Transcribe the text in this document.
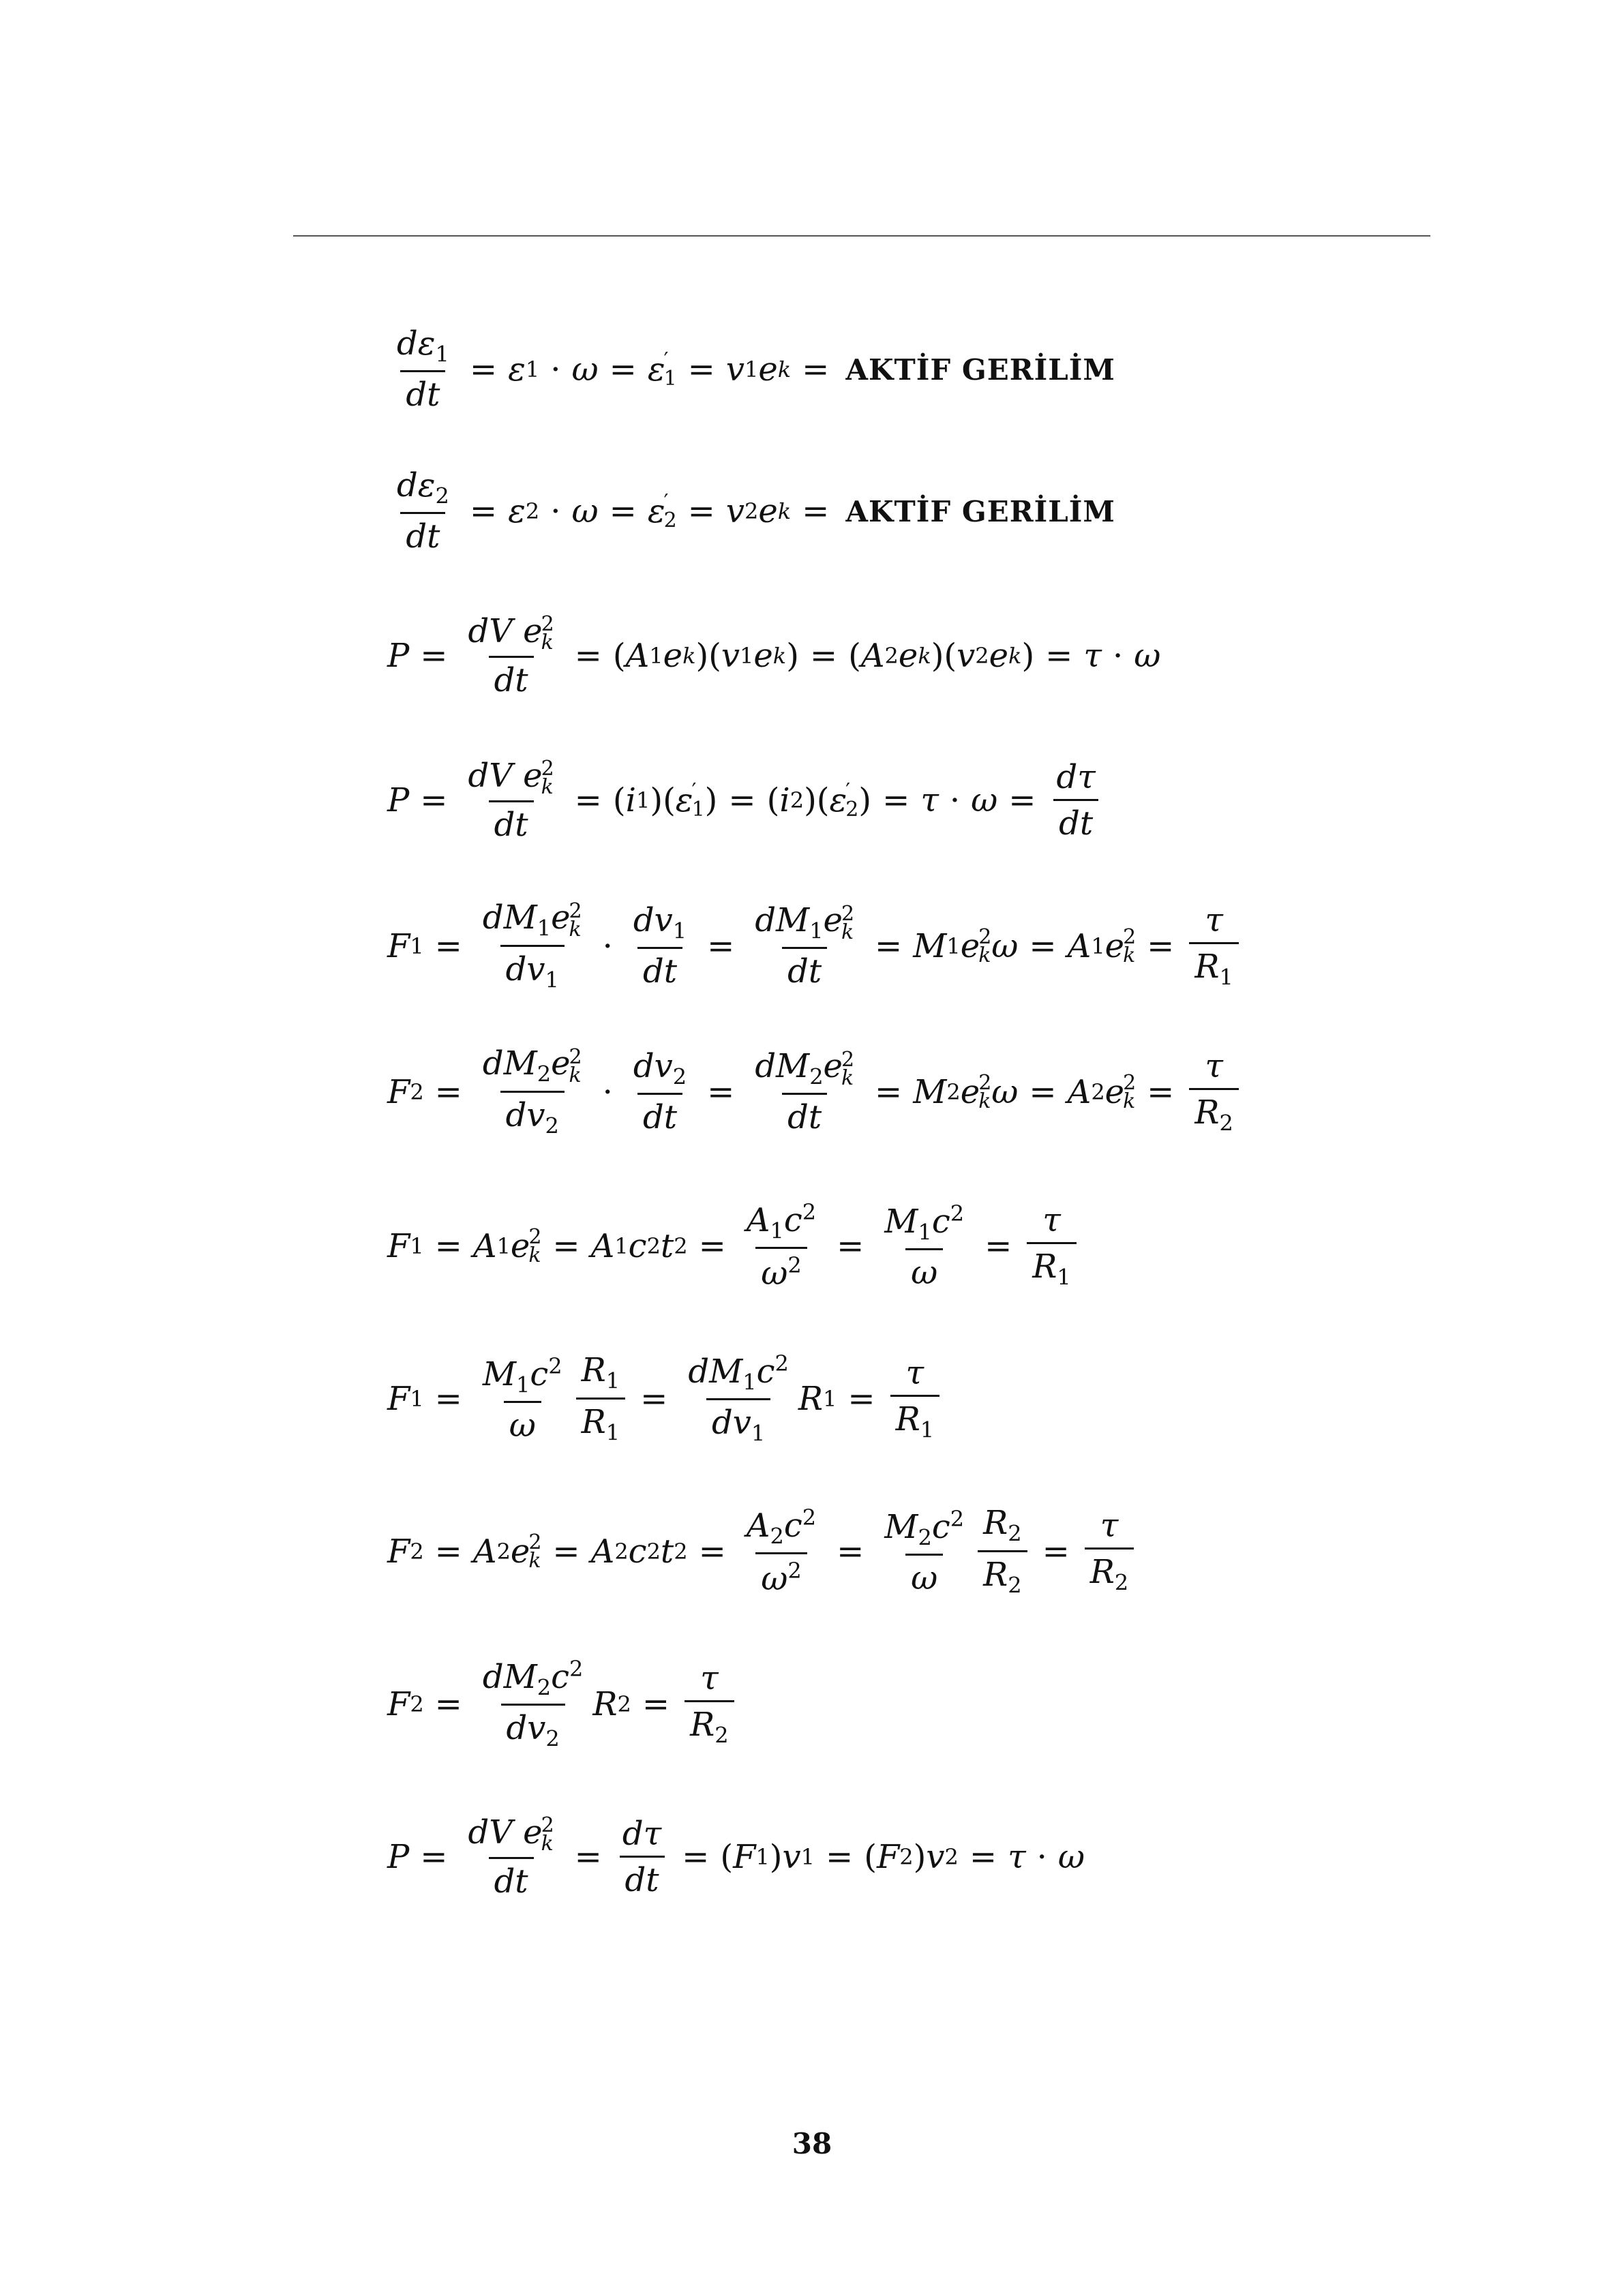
$\frac{d\varepsilon_1}{dt} = \varepsilon$ 1 · ω = ε
′
1 = v 1 e k = AKTİF GERİLİM
$\frac{d\varepsilon_2}{dt} = \varepsilon$ 2 · ω = ε
′
2 = v 2 e k = AKTİF GERİLİM
P = dV e
2
k
dt = ( A 1 e k )( v 1 e k ) = ( A 2 e k )( v 2 e k ) = τ · ω
P = dV e
2
k
dt = ( i 1 )( ε
′
1 ) = ( i 2 )( ε
′
2 ) = $\tau \cdot \omega = \frac{d\tau}{dt}$
F $1 = dM_1e$
2
k
$dv_1 \cdot \frac{dv_1}{dt} = dM_1e$
2
k
dt = M 1 e
2
k ω = A 1 e
2
$k = \frac{\tau}{R_1}$
F $2 = dM_2e$
2
k
$dv_2 \cdot \frac{dv_2}{dt} = dM_2e$
2
k
dt = M 2 e
2
k ω = A 2 e
2
$k = \frac{\tau}{R_2}$
F 1 = A 1 e
2
k = A 1 c 2 t $2 = \frac{A_1c^2}{\omega^2} = \frac{M_1c^2}{\omega} = \frac{\tau}{R_1}$
F $1 = \frac{M_1c^2}{\omega} \frac{R_1}{R_1} = \frac{dM_1c^2}{dv_1}$ R $1 = \frac{\tau}{R_1}$
F 2 = A 2 e
2
k = A 2 c 2 t $2 = \frac{A_2c^2}{\omega^2} = \frac{M_2c^2}{\omega} \frac{R_2}{R_2} = \frac{\tau}{R_2}$
F $2 = \frac{dM_2c^2}{dv_2}$ R $2 = \frac{\tau}{R_2}$
P = dV e
2
k
dt = $\frac{d\tau}{dt}$ = ( F 1 ) v 1 = ( F 2 ) v 2 = τ · ω
38
